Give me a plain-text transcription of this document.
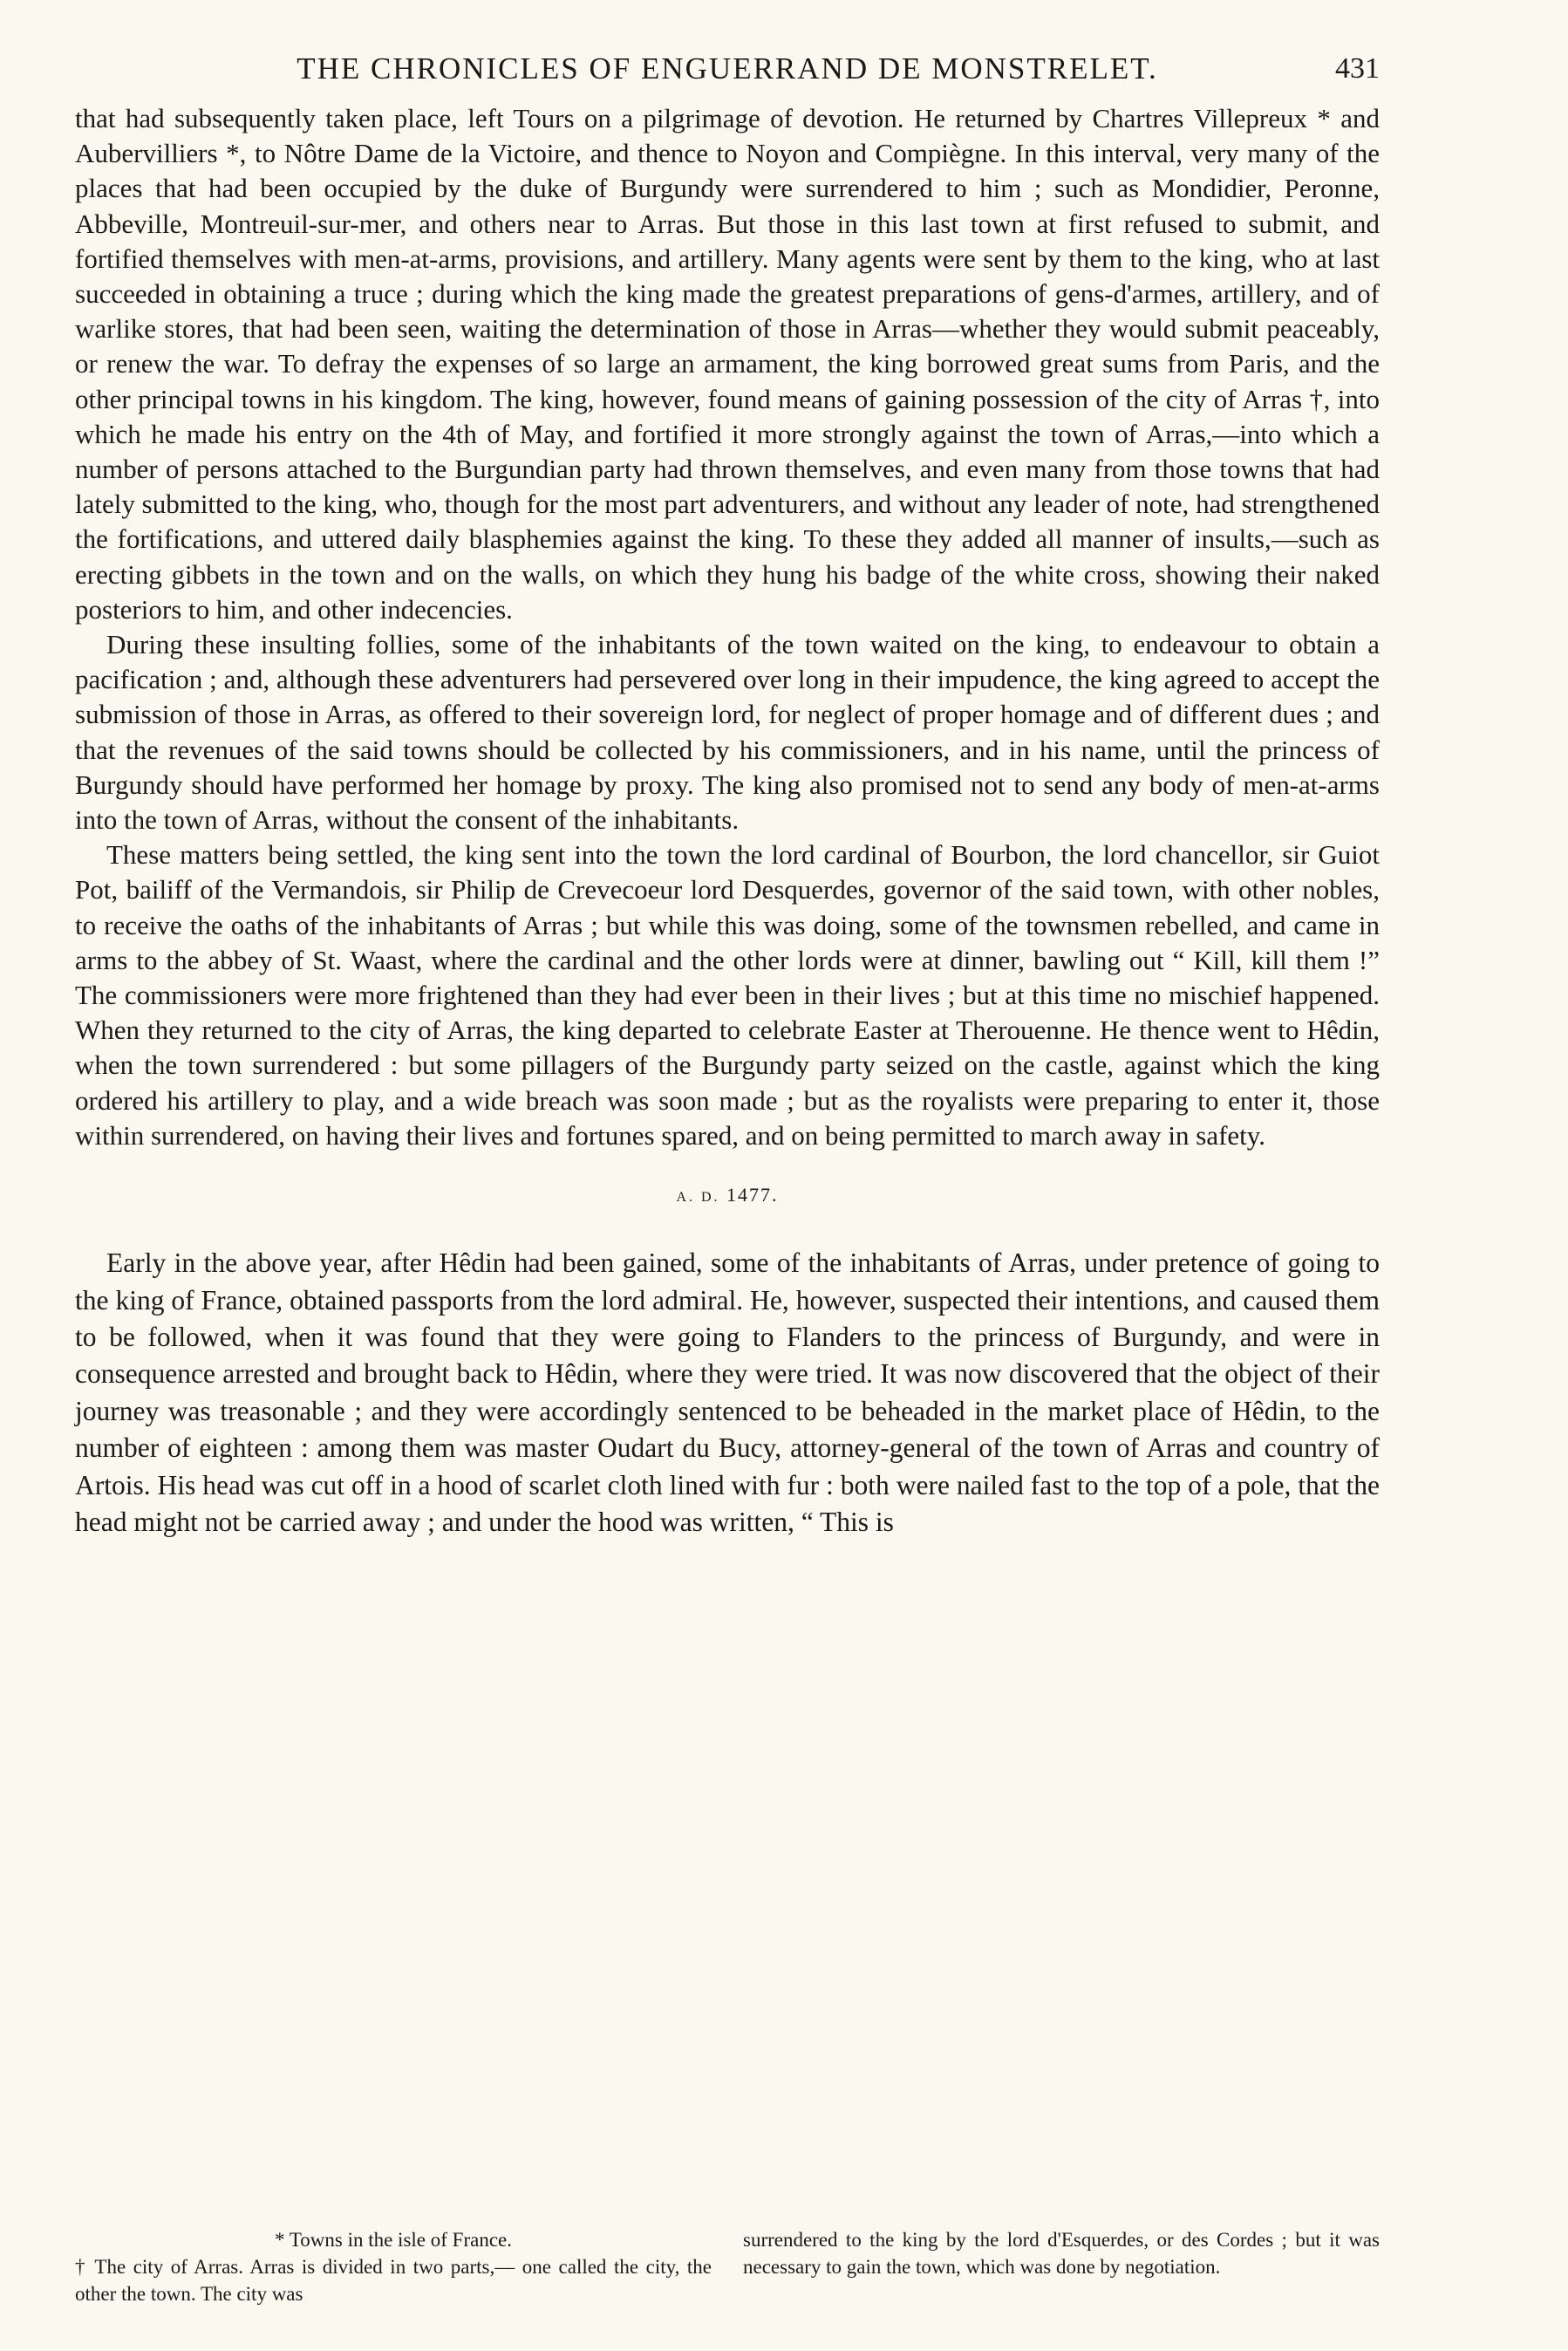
THE CHRONICLES OF ENGUERRAND DE MONSTRELET.	431

that had subsequently taken place, left Tours on a pilgrimage of devotion. He returned by Chartres Villepreux * and Aubervilliers *, to Nôtre Dame de la Victoire, and thence to Noyon and Compiègne. In this interval, very many of the places that had been occupied by the duke of Burgundy were surrendered to him ; such as Mondidier, Peronne, Abbeville, Montreuil-sur-mer, and others near to Arras. But those in this last town at first refused to submit, and fortified themselves with men-at-arms, provisions, and artillery. Many agents were sent by them to the king, who at last succeeded in obtaining a truce ; during which the king made the greatest preparations of gens-d'armes, artillery, and of warlike stores, that had been seen, waiting the determination of those in Arras—whether they would submit peaceably, or renew the war. To defray the expenses of so large an armament, the king borrowed great sums from Paris, and the other principal towns in his kingdom. The king, however, found means of gaining possession of the city of Arras †, into which he made his entry on the 4th of May, and fortified it more strongly against the town of Arras,—into which a number of persons attached to the Burgundian party had thrown themselves, and even many from those towns that had lately submitted to the king, who, though for the most part adventurers, and without any leader of note, had strengthened the fortifications, and uttered daily blasphemies against the king. To these they added all manner of insults,—such as erecting gibbets in the town and on the walls, on which they hung his badge of the white cross, showing their naked posteriors to him, and other indecencies.

During these insulting follies, some of the inhabitants of the town waited on the king, to endeavour to obtain a pacification ; and, although these adventurers had persevered over long in their impudence, the king agreed to accept the submission of those in Arras, as offered to their sovereign lord, for neglect of proper homage and of different dues ; and that the revenues of the said towns should be collected by his commissioners, and in his name, until the princess of Burgundy should have performed her homage by proxy. The king also promised not to send any body of men-at-arms into the town of Arras, without the consent of the inhabitants.

These matters being settled, the king sent into the town the lord cardinal of Bourbon, the lord chancellor, sir Guiot Pot, bailiff of the Vermandois, sir Philip de Crevecoeur lord Desquerdes, governor of the said town, with other nobles, to receive the oaths of the inhabitants of Arras ; but while this was doing, some of the townsmen rebelled, and came in arms to the abbey of St. Waast, where the cardinal and the other lords were at dinner, bawling out “ Kill, kill them !” The commissioners were more frightened than they had ever been in their lives ; but at this time no mischief happened. When they returned to the city of Arras, the king departed to celebrate Easter at Therouenne. He thence went to Hêdin, when the town surrendered : but some pillagers of the Burgundy party seized on the castle, against which the king ordered his artillery to play, and a wide breach was soon made ; but as the royalists were preparing to enter it, those within surrendered, on having their lives and fortunes spared, and on being permitted to march away in safety.

A. D. 1477.

Early in the above year, after Hêdin had been gained, some of the inhabitants of Arras, under pretence of going to the king of France, obtained passports from the lord admiral. He, however, suspected their intentions, and caused them to be followed, when it was found that they were going to Flanders to the princess of Burgundy, and were in consequence arrested and brought back to Hêdin, where they were tried. It was now discovered that the object of their journey was treasonable ; and they were accordingly sentenced to be beheaded in the market place of Hêdin, to the number of eighteen : among them was master Oudart du Bucy, attorney-general of the town of Arras and country of Artois. His head was cut off in a hood of scarlet cloth lined with fur : both were nailed fast to the top of a pole, that the head might not be carried away ; and under the hood was written, “ This is

* Towns in the isle of France.

† The city of Arras. Arras is divided in two parts,— one called the city, the other the town. The city was

surrendered to the king by the lord d'Esquerdes, or des Cordes ; but it was necessary to gain the town, which was done by negotiation.
